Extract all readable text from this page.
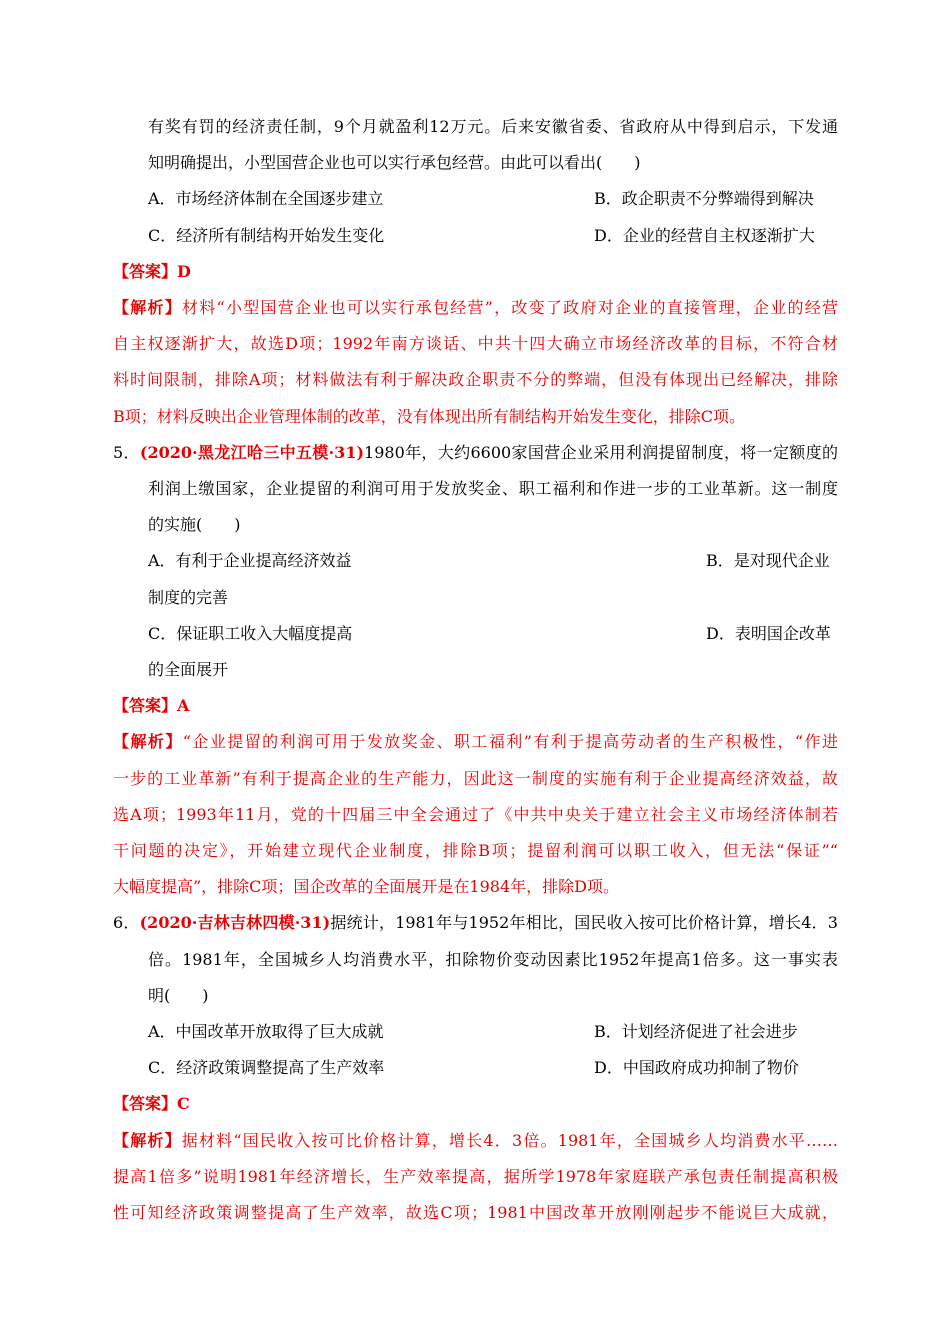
有奖有罚的经济责任制，9个月就盈利12万元。后来安徽省委、省政府从中得到启示，下发通
知明确提出，小型国营企业也可以实行承包经营。由此可以看出(　　)
A．市场经济体制在全国逐步建立	B．政企职责不分弊端得到解决
C．经济所有制结构开始发生变化	D．企业的经营自主权逐渐扩大
【答案】D
【解析】材料“小型国营企业也可以实行承包经营”，改变了政府对企业的直接管理，企业的经营
自主权逐渐扩大，故选D项；1992年南方谈话、中共十四大确立市场经济改革的目标，不符合材
料时间限制，排除A项；材料做法有利于解决政企职责不分的弊端，但没有体现出已经解决，排除
B项；材料反映出企业管理体制的改革，没有体现出所有制结构开始发生变化，排除C项。
5．(2020·黑龙江哈三中五模·31)1980年，大约6600家国营企业采用利润提留制度，将一定额度的
利润上缴国家，企业提留的利润可用于发放奖金、职工福利和作进一步的工业革新。这一制度
的实施(　　)
A．有利于企业提高经济效益	B．是对现代企业
制度的完善
C．保证职工收入大幅度提高	D．表明国企改革
的全面展开
【答案】A
【解析】“企业提留的利润可用于发放奖金、职工福利”有利于提高劳动者的生产积极性，“作进
一步的工业革新”有利于提高企业的生产能力，因此这一制度的实施有利于企业提高经济效益，故
选A项；1993年11月，党的十四届三中全会通过了《中共中央关于建立社会主义市场经济体制若
干问题的决定》，开始建立现代企业制度，排除B项；提留利润可以职工收入，但无法“保证”“
大幅度提高”，排除C项；国企改革的全面展开是在1984年，排除D项。
6．(2020·吉林吉林四模·31)据统计，1981年与1952年相比，国民收入按可比价格计算，增长4．3
倍。1981年，全国城乡人均消费水平，扣除物价变动因素比1952年提高1倍多。这一事实表
明(　　)
A．中国改革开放取得了巨大成就	B．计划经济促进了社会进步
C．经济政策调整提高了生产效率	D．中国政府成功抑制了物价
【答案】C
【解析】据材料“国民收入按可比价格计算，增长4．3倍。1981年，全国城乡人均消费水平……
提高1倍多”说明1981年经济增长，生产效率提高，据所学1978年家庭联产承包责任制提高积极
性可知经济政策调整提高了生产效率，故选C项；1981中国改革开放刚刚起步不能说巨大成就，
